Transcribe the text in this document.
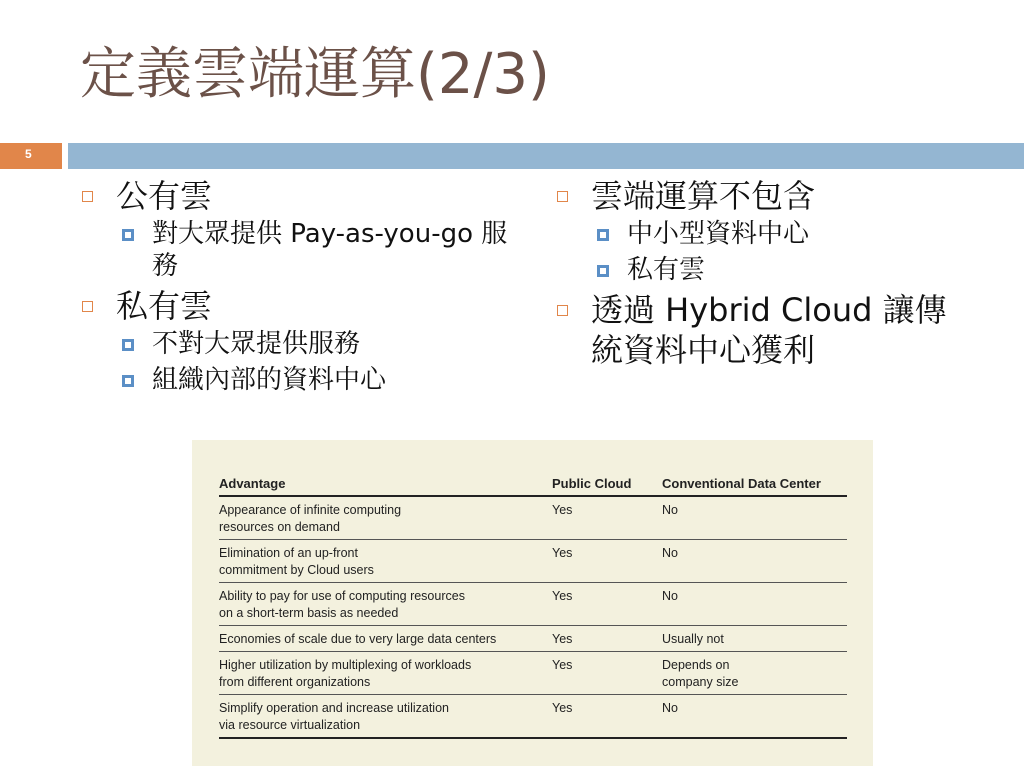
定義雲端運算(2/3)
5
公有雲
對大眾提供 Pay-as-you-go 服務
私有雲
不對大眾提供服務
組織內部的資料中心
雲端運算不包含
中小型資料中心
私有雲
透過 Hybrid Cloud 讓傳統資料中心獲利
Advantage	Public Cloud	Conventional Data Center
Appearance of infinite computing
resources on demand	Yes	No
Elimination of an up-front
commitment by Cloud users	Yes	No
Ability to pay for use of computing resources
on a short-term basis as needed	Yes	No
Economies of scale due to very large data centers	Yes	Usually not
Higher utilization by multiplexing of workloads
from different organizations	Yes	Depends on
company size
Simplify operation and increase utilization
via resource virtualization	Yes	No
